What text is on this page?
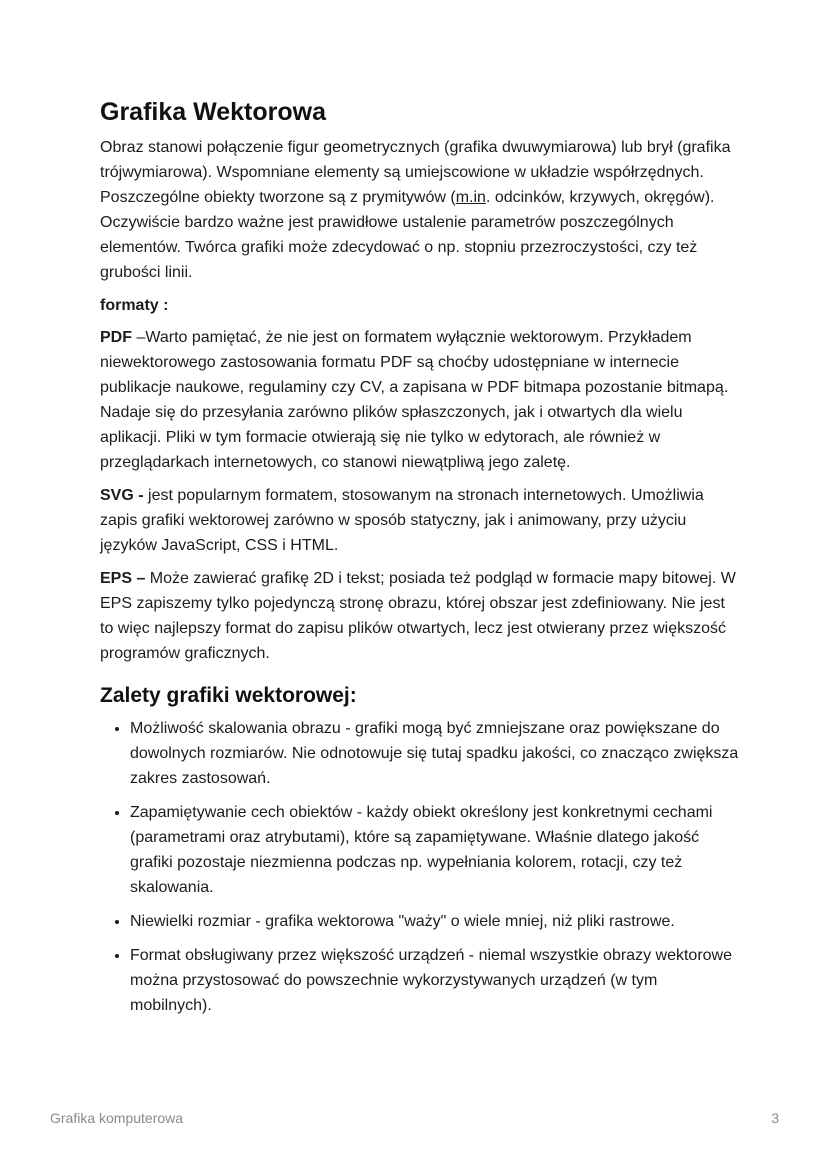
Grafika Wektorowa

Obraz stanowi połączenie figur geometrycznych (grafika dwuwymiarowa) lub brył (grafika trójwymiarowa). Wspomniane elementy są umiejscowione w układzie współrzędnych. Poszczególne obiekty tworzone są z prymitywów (m.in. odcinków, krzywych, okręgów). Oczywiście bardzo ważne jest prawidłowe ustalenie parametrów poszczególnych elementów. Twórca grafiki może zdecydować o np. stopniu przezroczystości, czy też grubości linii.

formaty :

PDF –Warto pamiętać, że nie jest on formatem wyłącznie wektorowym. Przykładem niewektorowego zastosowania formatu PDF są choćby udostępniane w internecie publikacje naukowe, regulaminy czy CV, a zapisana w PDF bitmapa pozostanie bitmapą. Nadaje się do przesyłania zarówno plików spłaszczonych, jak i otwartych dla wielu aplikacji. Pliki w tym formacie otwierają się nie tylko w edytorach, ale również w przeglądarkach internetowych, co stanowi niewątpliwą jego zaletę.

SVG - jest popularnym formatem, stosowanym na stronach internetowych. Umożliwia zapis grafiki wektorowej zarówno w sposób statyczny, jak i animowany, przy użyciu języków JavaScript, CSS i HTML.

EPS – Może zawierać grafikę 2D i tekst; posiada też podgląd w formacie mapy bitowej. W EPS zapiszemy tylko pojedynczą stronę obrazu, której obszar jest zdefiniowany. Nie jest to więc najlepszy format do zapisu plików otwartych, lecz jest otwierany przez większość programów graficznych.

Zalety grafiki wektorowej:
• Możliwość skalowania obrazu - grafiki mogą być zmniejszane oraz powiększane do dowolnych rozmiarów. Nie odnotowuje się tutaj spadku jakości, co znacząco zwiększa zakres zastosowań.
• Zapamiętywanie cech obiektów - każdy obiekt określony jest konkretnymi cechami (parametrami oraz atrybutami), które są zapamiętywane. Właśnie dlatego jakość grafiki pozostaje niezmienna podczas np. wypełniania kolorem, rotacji, czy też skalowania.
• Niewielki rozmiar - grafika wektorowa "waży" o wiele mniej, niż pliki rastrowe.
• Format obsługiwany przez większość urządzeń - niemal wszystkie obrazy wektorowe można przystosować do powszechnie wykorzystywanych urządzeń (w tym mobilnych).
Grafika komputerowa	3
